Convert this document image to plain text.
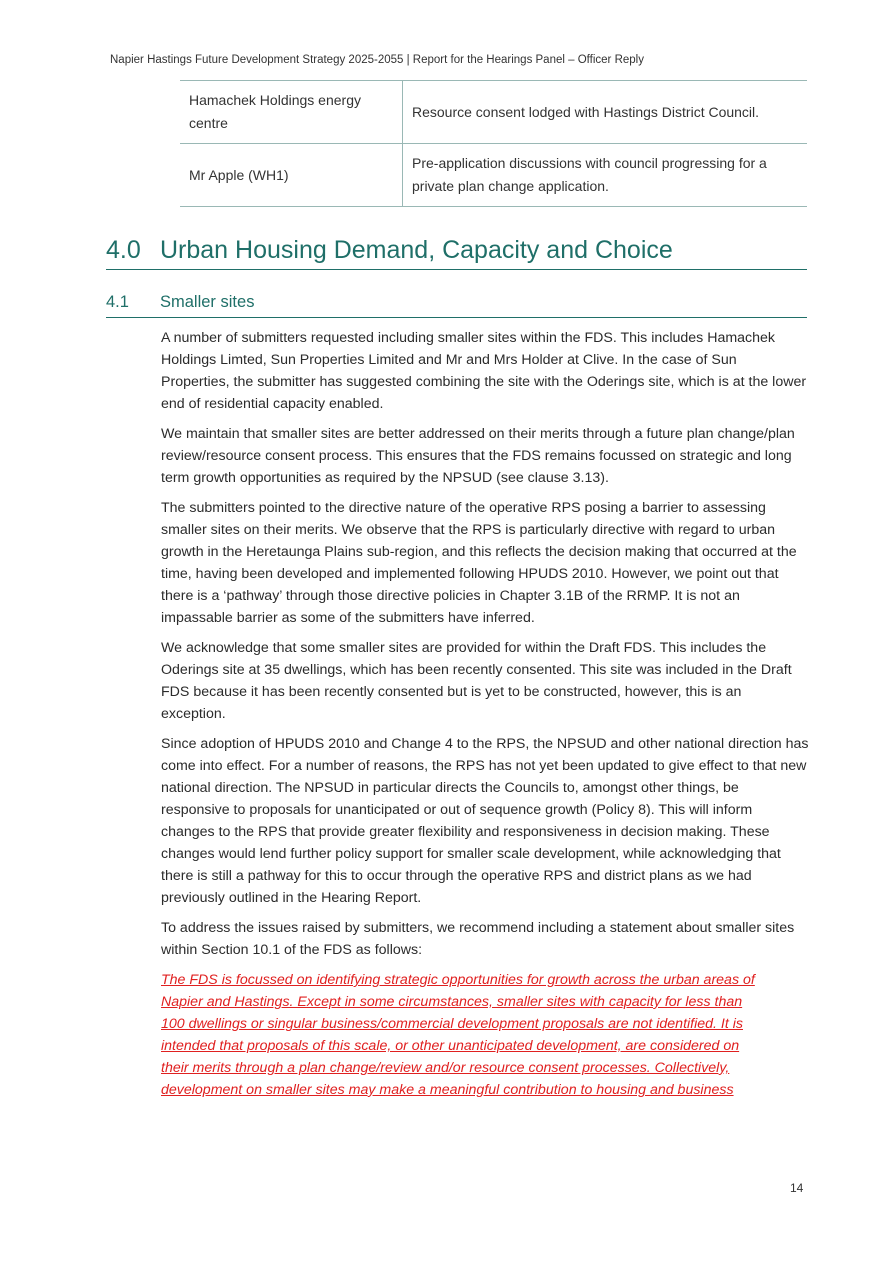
Napier Hastings Future Development Strategy 2025-2055 | Report for the Hearings Panel – Officer Reply
Hamachek Holdings energy centre	Resource consent lodged with Hastings District Council.
Mr Apple (WH1)	Pre-application discussions with council progressing for a private plan change application.
4.0 Urban Housing Demand, Capacity and Choice
4.1 Smaller sites

A number of submitters requested including smaller sites within the FDS. This includes Hamachek Holdings Limted, Sun Properties Limited and Mr and Mrs Holder at Clive. In the case of Sun Properties, the submitter has suggested combining the site with the Oderings site, which is at the lower end of residential capacity enabled.

We maintain that smaller sites are better addressed on their merits through a future plan change/plan review/resource consent process. This ensures that the FDS remains focussed on strategic and long term growth opportunities as required by the NPSUD (see clause 3.13).

The submitters pointed to the directive nature of the operative RPS posing a barrier to assessing smaller sites on their merits. We observe that the RPS is particularly directive with regard to urban growth in the Heretaunga Plains sub-region, and this reflects the decision making that occurred at the time, having been developed and implemented following HPUDS 2010. However, we point out that there is a ‘pathway’ through those directive policies in Chapter 3.1B of the RRMP. It is not an impassable barrier as some of the submitters have inferred.

We acknowledge that some smaller sites are provided for within the Draft FDS. This includes the Oderings site at 35 dwellings, which has been recently consented. This site was included in the Draft FDS because it has been recently consented but is yet to be constructed, however, this is an exception.

Since adoption of HPUDS 2010 and Change 4 to the RPS, the NPSUD and other national direction has come into effect. For a number of reasons, the RPS has not yet been updated to give effect to that new national direction. The NPSUD in particular directs the Councils to, amongst other things, be responsive to proposals for unanticipated or out of sequence growth (Policy 8). This will inform changes to the RPS that provide greater flexibility and responsiveness in decision making. These changes would lend further policy support for smaller scale development, while acknowledging that there is still a pathway for this to occur through the operative RPS and district plans as we had previously outlined in the Hearing Report.

To address the issues raised by submitters, we recommend including a statement about smaller sites within Section 10.1 of the FDS as follows:

The FDS is focussed on identifying strategic opportunities for growth across the urban areas of Napier and Hastings. Except in some circumstances, smaller sites with capacity for less than 100 dwellings or singular business/commercial development proposals are not identified. It is intended that proposals of this scale, or other unanticipated development, are considered on their merits through a plan change/review and/or resource consent processes. Collectively, development on smaller sites may make a meaningful contribution to housing and business

14
